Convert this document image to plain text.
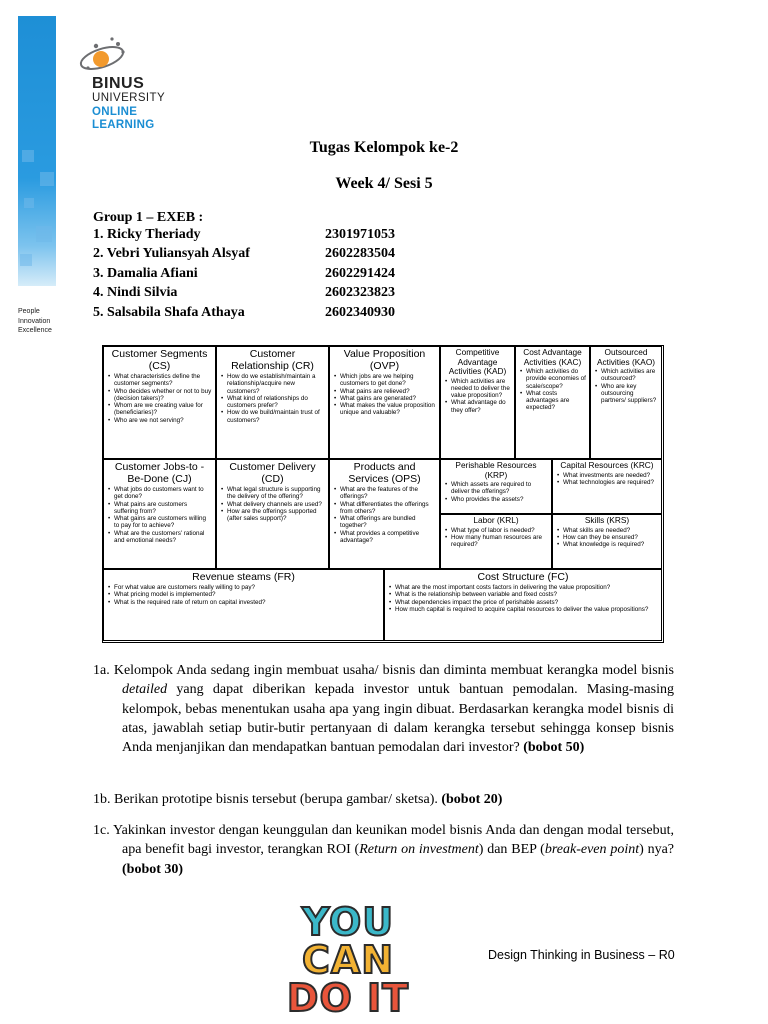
People
Innovation
Excellence
BINUS
UNIVERSITY
ONLINE
LEARNING
Tugas Kelompok ke-2
Week 4/ Sesi 5
Group 1 – EXEB :
1. Ricky Theriady	2301971053
2. Vebri Yuliansyah Alsyaf	2602283504
3. Damalia Afiani	2602291424
4. Nindi Silvia	2602323823
5. Salsabila Shafa Athaya	2602340930
Customer Segments (CS)
• What characteristics define the customer segments?
• Who decides whether or not to buy (decision takers)?
• Whom are we creating value for (beneficiaries)?
• Who are we not serving?
Customer Relationship (CR)
• How do we establish/maintain a relationship/acquire new customers?
• What kind of relationships do customers prefer?
• How do we build/maintain trust of customers?
Value Proposition (OVP)
• Which jobs are we helping customers to get done?
• What pains are relieved?
• What gains are generated?
• What makes the value proposition unique and valuable?
Competitive Advantage Activities (KAD)
• Which activities are needed to deliver the value proposition?
• What advantage do they offer?
Cost Advantage Activities (KAC)
• Which activities do provide economies of scale/scope?
• What costs advantages are expected?
Outsourced Activities (KAO)
• Which activities are outsourced?
• Who are key outsourcing partners/ suppliers?
Customer Jobs-to - Be-Done (CJ)
• What jobs do customers want to get done?
• What pains are customers suffering from?
• What gains are customers willing to pay for to achieve?
• What are the customers' rational and emotional needs?
Customer Delivery (CD)
• What legal structure is supporting the delivery of the offering?
• What delivery channels are used?
• How are the offerings supported (after sales support)?
Products and Services (OPS)
• What are the features of the offerings?
• What differentiates the offerings from others?
• What offerings are bundled together?
• What provides a competitive advantage?
Perishable Resources (KRP)
• Which assets are required to deliver the offerings?
• Who provides the assets?
Capital Resources (KRC)
• What investments are needed?
• What technologies are required?
Labor (KRL)
• What type of labor is needed?
• How many human resources are required?
Skills (KRS)
• What skills are needed?
• How can they be ensured?
• What knowledge is required?
Revenue steams (FR)
• For what value are customers really willing to pay?
• What pricing model is implemented?
• What is the required rate of return on capital invested?
Cost Structure (FC)
• What are the most important costs factors in delivering the value proposition?
• What is the relationship between variable and fixed costs?
• What dependencies impact the price of perishable assets?
• How much capital is required to acquire capital resources to deliver the value propositions?
1a. Kelompok Anda sedang ingin membuat usaha/ bisnis dan diminta membuat kerangka model bisnis detailed yang dapat diberikan kepada investor untuk bantuan pemodalan. Masing-masing kelompok, bebas menentukan usaha apa yang ingin dibuat. Berdasarkan kerangka model bisnis di atas, jawablah setiap butir-butir pertanyaan di dalam kerangka tersebut sehingga konsep bisnis Anda menjanjikan dan mendapatkan bantuan pemodalan dari investor? (bobot 50)
1b. Berikan prototipe bisnis tersebut (berupa gambar/ sketsa). (bobot 20)
1c. Yakinkan investor dengan keunggulan dan keunikan model bisnis Anda dan dengan modal tersebut, apa benefit bagi investor, terangkan ROI (Return on investment) dan BEP (break-even point) nya? (bobot 30)
YOU
CAN
DO IT
Design Thinking in Business – R0
